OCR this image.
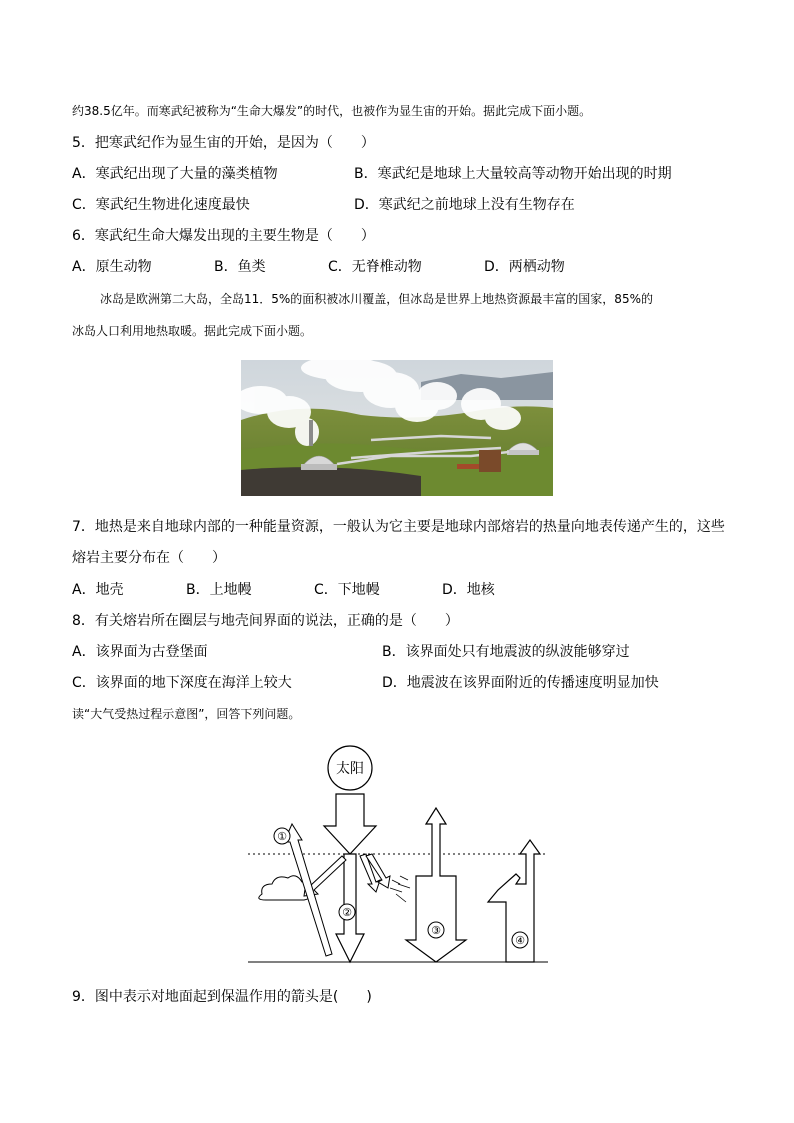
约38.5亿年。而寒武纪被称为“生命大爆发”的时代，也被作为显生宙的开始。据此完成下面小题。
5．把寒武纪作为显生宙的开始，是因为（　　）
A．寒武纪出现了大量的藻类植物	B．寒武纪是地球上大量较高等动物开始出现的时期
C．寒武纪生物进化速度最快	D．寒武纪之前地球上没有生物存在
6．寒武纪生命大爆发出现的主要生物是（　　）
A．原生动物	B．鱼类	C．无脊椎动物	D．两栖动物
冰岛是欧洲第二大岛，全岛11．5%的面积被冰川覆盖，但冰岛是世界上地热资源最丰富的国家，85%的
冰岛人口利用地热取暖。据此完成下面小题。
7．地热是来自地球内部的一种能量资源，一般认为它主要是地球内部熔岩的热量向地表传递产生的，这些
熔岩主要分布在（　　）
A．地壳	B．上地幔	C．下地幔	D．地核
8．有关熔岩所在圈层与地壳间界面的说法，正确的是（　　）
A．该界面为古登堡面	B．该界面处只有地震波的纵波能够穿过
C．该界面的地下深度在海洋上较大	D．地震波在该界面附近的传播速度明显加快
读“大气受热过程示意图”，回答下列问题。
太阳
①
②
③
④
9．图中表示对地面起到保温作用的箭头是(　　)
